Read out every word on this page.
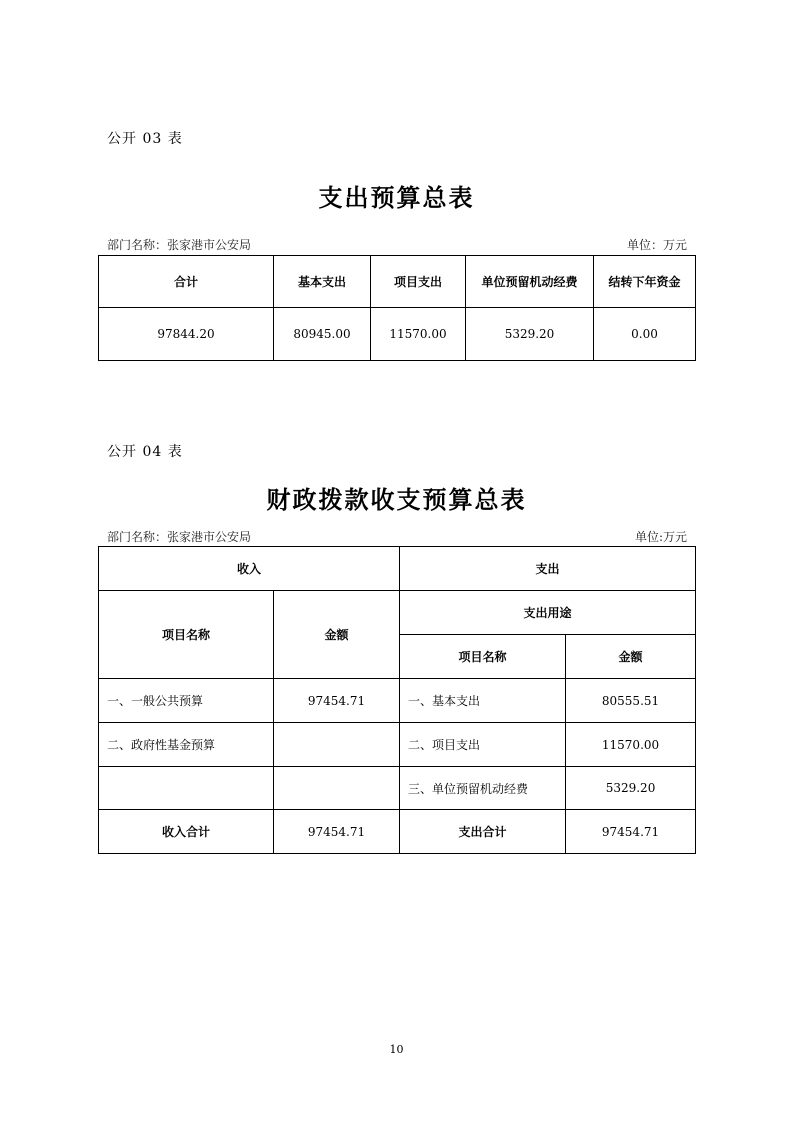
公开 03 表
支出预算总表
部门名称：张家港市公安局	单位：万元
合计	基本支出	项目支出	单位预留机动经费	结转下年资金
97844.20	80945.00	11570.00	5329.20	0.00
公开 04 表
财政拨款收支预算总表
部门名称：张家港市公安局	单位:万元
收入		支出	
项目名称	金额	支出用途	
		项目名称	金额
一、一般公共预算	97454.71	一、基本支出	80555.51
二、政府性基金预算		二、项目支出	11570.00
		三、单位预留机动经费	5329.20
收入合计	97454.71	支出合计	97454.71
10
